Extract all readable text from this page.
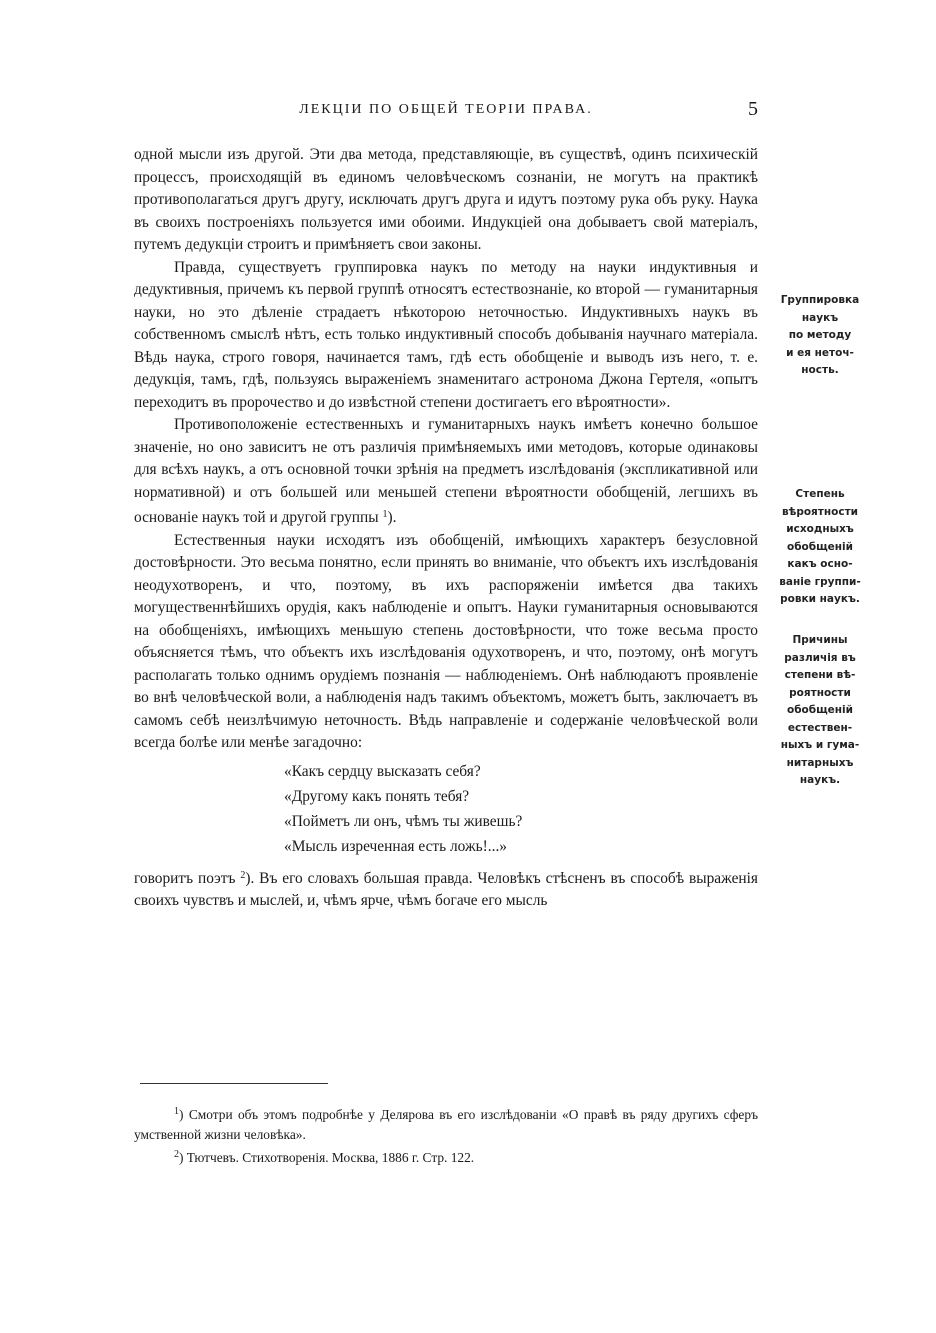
ЛЕКЦІИ ПО ОБЩЕЙ ТЕОРІИ ПРАВА.	5

одной мысли изъ другой. Эти два метода, представляющіе, въ существѣ, одинъ психическій процессъ, происходящій въ единомъ человѣческомъ сознаніи, не могутъ на практикѣ противополагаться другъ другу, исключать другъ друга и идутъ поэтому рука объ руку. Наука въ своихъ построеніяхъ пользуется ими обоими. Индукціей она добываетъ свой матеріалъ, путемъ дедукціи строитъ и примѣняетъ свои законы.

Правда, существуетъ группировка наукъ по методу на науки индуктивныя и дедуктивныя, причемъ къ первой группѣ относятъ естествознаніе, ко второй — гуманитарныя науки, но это дѣленіе страдаетъ нѣкоторою неточностью. Индуктивныхъ наукъ въ собственномъ смыслѣ нѣтъ, есть только индуктивный способъ добыванія научнаго матеріала. Вѣдь наука, строго говоря, начинается тамъ, гдѣ есть обобщеніе и выводъ изъ него, т. е. дедукція, тамъ, гдѣ, пользуясь выраженіемъ знаменитаго астронома Джона Гертеля, «опытъ переходитъ въ пророчество и до извѣстной степени достигаетъ его вѣроятности».

Противоположеніе естественныхъ и гуманитарныхъ наукъ имѣетъ конечно большое значеніе, но оно зависитъ не отъ различія примѣняемыхъ ими методовъ, которые одинаковы для всѣхъ наукъ, а отъ основной точки зрѣнія на предметъ изслѣдованія (экспликативной или нормативной) и отъ большей или меньшей степени вѣроятности обобщеній, легшихъ въ основаніе наукъ той и другой группы $^1$).

Естественныя науки исходятъ изъ обобщеній, имѣющихъ характеръ безусловной достовѣрности. Это весьма понятно, если принять во вниманіе, что объектъ ихъ изслѣдованія неодухотворенъ, и что, поэтому, въ ихъ распоряженіи имѣется два такихъ могущественнѣйшихъ орудія, какъ наблюденіе и опытъ. Науки гуманитарныя основываются на обобщеніяхъ, имѣющихъ меньшую степень достовѣрности, что тоже весьма просто объясняется тѣмъ, что объектъ ихъ изслѣдованія одухотворенъ, и что, поэтому, онѣ могутъ располагать только однимъ орудіемъ познанія — наблюденіемъ. Онѣ наблюдаютъ проявленіе во внѣ человѣческой воли, а наблюденія надъ такимъ объектомъ, можетъ быть, заключаетъ въ самомъ себѣ неизлѣчимую неточность. Вѣдь направленіе и содержаніе человѣческой воли всегда болѣе или менѣе загадочно:

«Какъ сердцу высказать себя?
«Другому какъ понять тебя?
«Пойметъ ли онъ, чѣмъ ты живешь?
«Мысль изреченная есть ложь!...»

говоритъ поэтъ $^2$). Въ его словахъ большая правда. Человѣкъ стѣсненъ въ способѣ выраженія своихъ чувствъ и мыслей, и, чѣмъ ярче, чѣмъ богаче его мысль

Группировка
наукъ
по методу
и ея неточ-
ность.
Степень
вѣроятности
исходныхъ
обобщеній
какъ осно-
ваніе группи-
ровки наукъ.
Причины
различія въ
степени вѣ-
роятности
обобщеній
естествен-
ныхъ и гума-
нитарныхъ
наукъ.

$^1$) Смотри объ этомъ подробнѣе у Делярова въ его изслѣдованіи «О правѣ въ ряду другихъ сферъ умственной жизни человѣка».

$^2$) Тютчевъ. Стихотворенія. Москва, 1886 г. Стр. 122.
